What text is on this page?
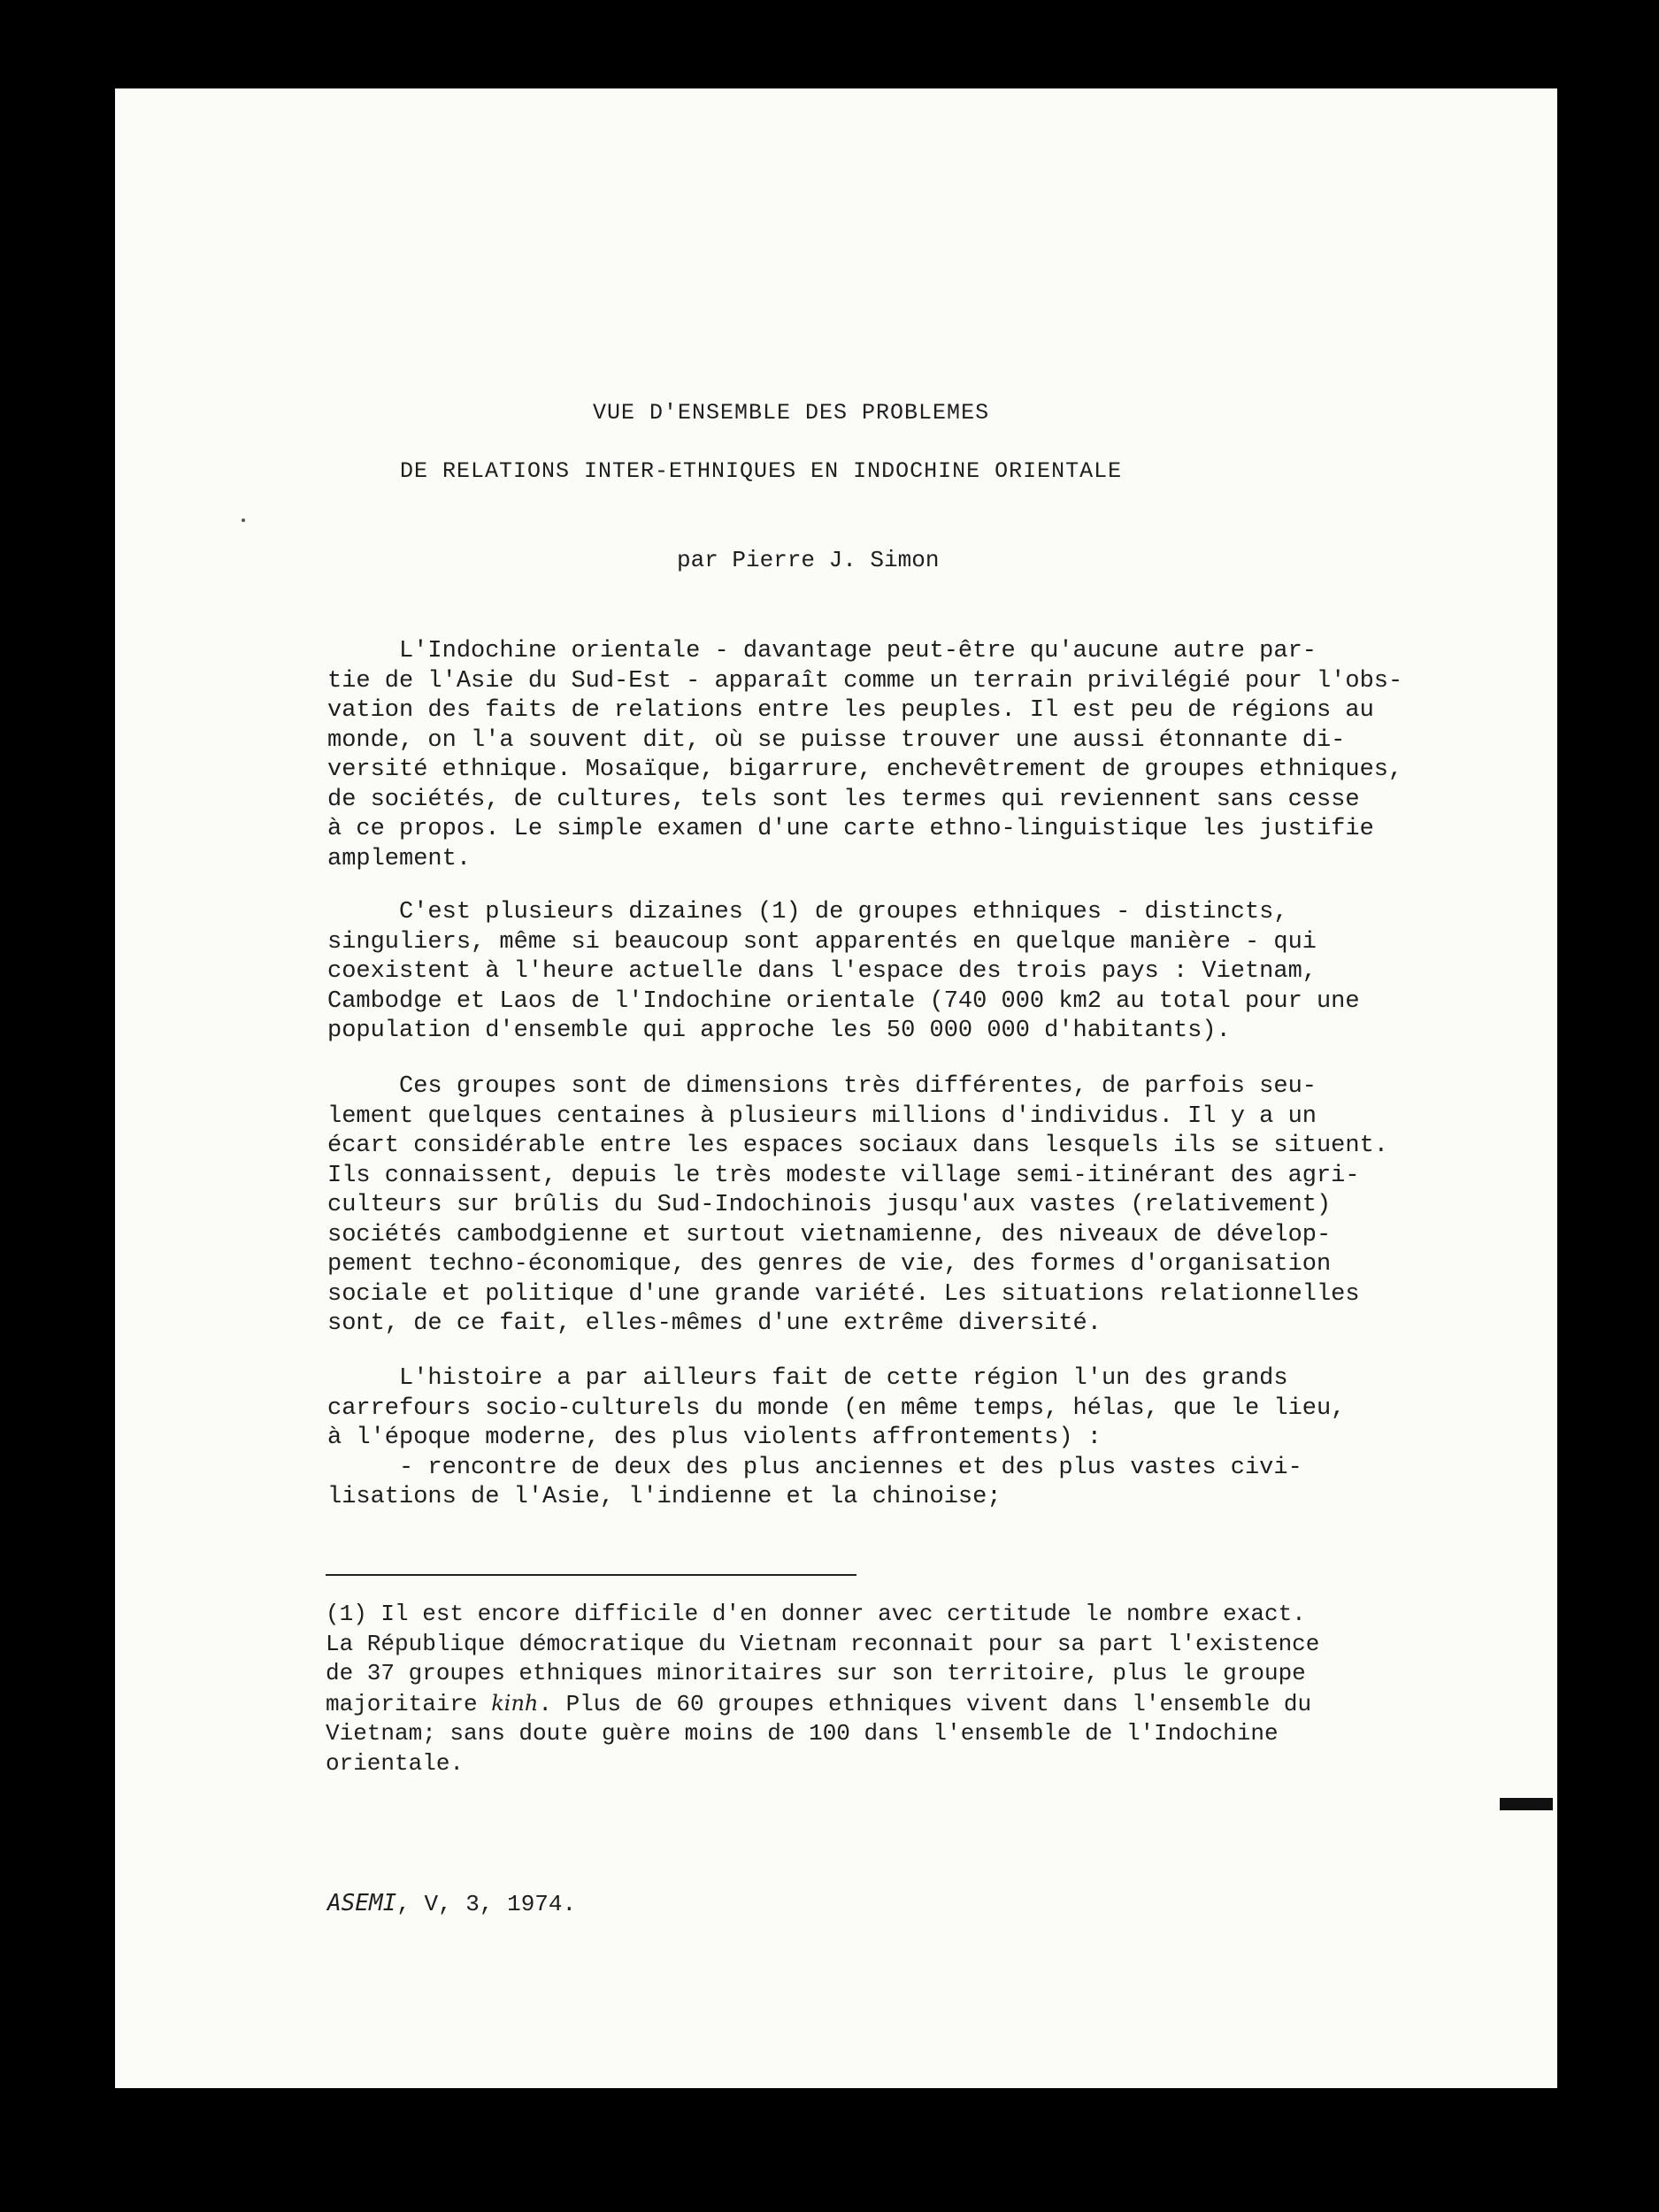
VUE D'ENSEMBLE DES PROBLEMES
DE RELATIONS INTER-ETHNIQUES EN INDOCHINE ORIENTALE
par Pierre J. Simon
L'Indochine orientale - davantage peut-être qu'aucune autre par-
tie de l'Asie du Sud-Est - apparaît comme un terrain privilégié pour l'obs-
vation des faits de relations entre les peuples. Il est peu de régions au
monde, on l'a souvent dit, où se puisse trouver une aussi étonnante di-
versité ethnique. Mosaïque, bigarrure, enchevêtrement de groupes ethniques,
de sociétés, de cultures, tels sont les termes qui reviennent sans cesse
à ce propos. Le simple examen d'une carte ethno-linguistique les justifie
amplement.
C'est plusieurs dizaines (1) de groupes ethniques - distincts,
singuliers, même si beaucoup sont apparentés en quelque manière - qui
coexistent à l'heure actuelle dans l'espace des trois pays : Vietnam,
Cambodge et Laos de l'Indochine orientale (740 000 km2 au total pour une
population d'ensemble qui approche les 50 000 000 d'habitants).
Ces groupes sont de dimensions très différentes, de parfois seu-
lement quelques centaines à plusieurs millions d'individus. Il y a un
écart considérable entre les espaces sociaux dans lesquels ils se situent.
Ils connaissent, depuis le très modeste village semi-itinérant des agri-
culteurs sur brûlis du Sud-Indochinois jusqu'aux vastes (relativement)
sociétés cambodgienne et surtout vietnamienne, des niveaux de dévelop-
pement techno-économique, des genres de vie, des formes d'organisation
sociale et politique d'une grande variété. Les situations relationnelles
sont, de ce fait, elles-mêmes d'une extrême diversité.
L'histoire a par ailleurs fait de cette région l'un des grands
carrefours socio-culturels du monde (en même temps, hélas, que le lieu,
à l'époque moderne, des plus violents affrontements) :
- rencontre de deux des plus anciennes et des plus vastes civi-
lisations de l'Asie, l'indienne et la chinoise;
(1) Il est encore difficile d'en donner avec certitude le nombre exact.
La République démocratique du Vietnam reconnait pour sa part l'existence
de 37 groupes ethniques minoritaires sur son territoire, plus le groupe
majoritaire kinh. Plus de 60 groupes ethniques vivent dans l'ensemble du
Vietnam; sans doute guère moins de 100 dans l'ensemble de l'Indochine
orientale.
ASEMI, V, 3, 1974.
